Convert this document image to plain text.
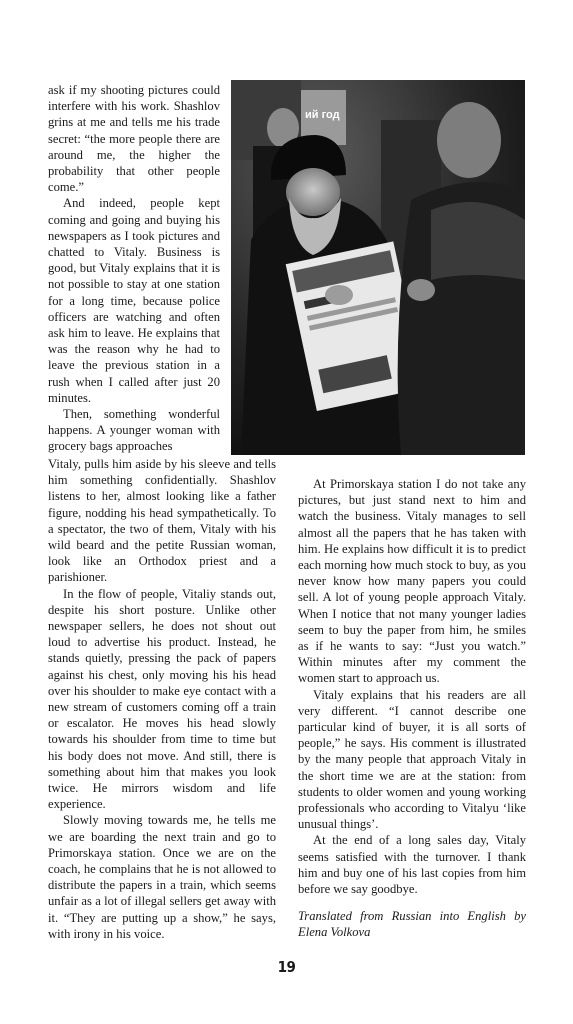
ий год

ask if my shooting pictures could interfere with his work. Shashlov grins at me and tells me his trade secret: “the more people there are around me, the higher the probability that other people come.”

And indeed, people kept coming and going and buying his newspapers as I took pictures and chatted to Vitaly. Business is good, but Vitaly explains that it is not possible to stay at one station for a long time, because police officers are watching and often ask him to leave. He explains that was the reason why he had to leave the previous station in a rush when I called after just 20 minutes.

Then, something wonderful happens. A younger woman with grocery bags approaches

Vitaly, pulls him aside by his sleeve and tells him something confidentially. Shashlov listens to her, almost looking like a father figure, nodding his head sympathetically. To a spectator, the two of them, Vitaly with his wild beard and the petite Russian woman, look like an Orthodox priest and a parishioner.

In the flow of people, Vitaliy stands out, despite his short posture. Unlike other newspaper sellers, he does not shout out loud to advertise his product. Instead, he stands quietly, pressing the pack of papers against his chest, only moving his his head over his shoulder to make eye contact with a new stream of customers coming off a train or escalator. He moves his head slowly towards his shoulder from time to time but his body does not move. And still, there is something about him that makes you look twice. He mirrors wisdom and life experience.

Slowly moving towards me, he tells me we are boarding the next train and go to Primorskaya station. Once we are on the coach, he complains that he is not allowed to distribute the papers in a train, which seems unfair as a lot of illegal sellers get away with it. “They are putting up a show,” he says, with irony in his voice.

At Primorskaya station I do not take any pictures, but just stand next to him and watch the business. Vitaly manages to sell almost all the papers that he has taken with him. He explains how difficult it is to predict each morning how much stock to buy, as you never know how many papers you could sell. A lot of young people approach Vitaly. When I notice that not many younger ladies seem to buy the paper from him, he smiles as if he wants to say: “Just you watch.” Within minutes after my comment the women start to approach us.

Vitaly explains that his readers are all very different. “I cannot describe one particular kind of buyer, it is all sorts of people,” he says. His comment is illustrated by the many people that approach Vitaly in the short time we are at the station: from students to older women and young working professionals who according to Vitalyu ‘like unusual things’.

At the end of a long sales day, Vitaly seems satisfied with the turnover. I thank him and buy one of his last copies from him before we say goodbye.

Translated from Russian into English by Elena Volkova

19
